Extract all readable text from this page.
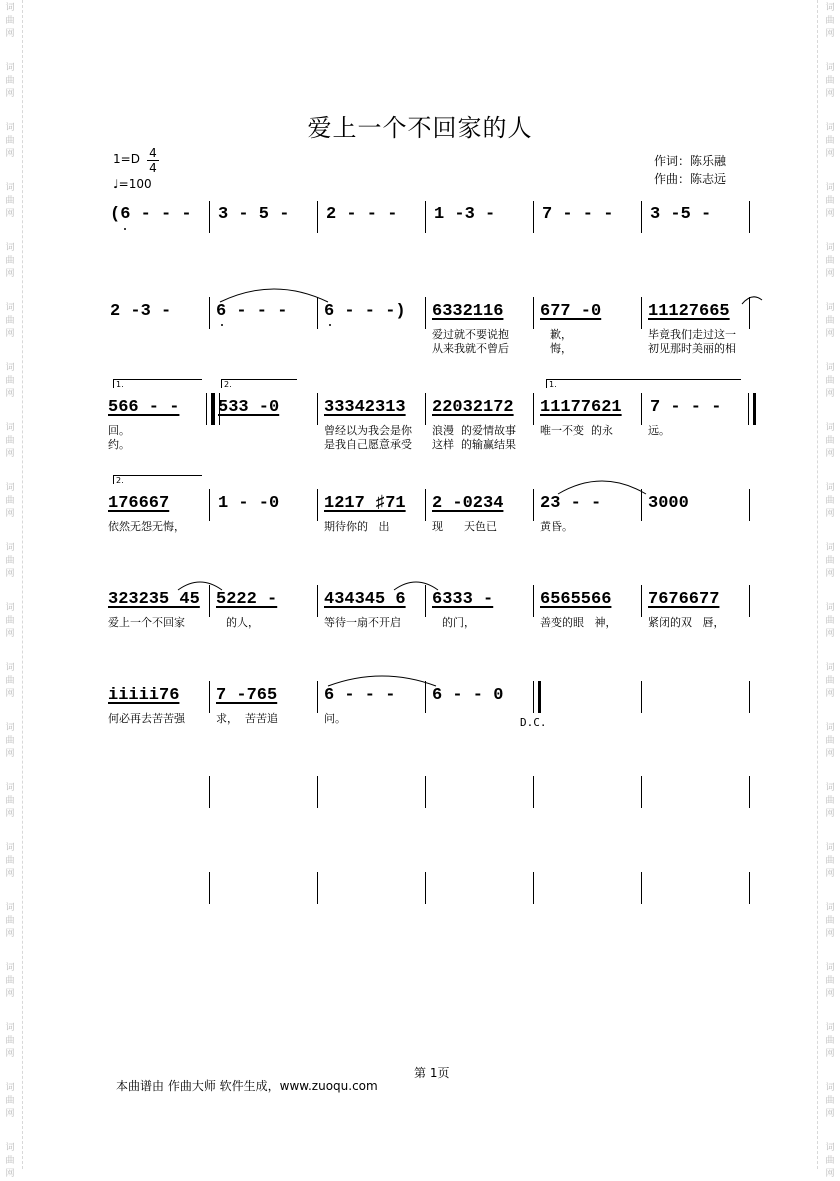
词
曲
网
词
曲
网
词
曲
网
词
曲
网
词
曲
网
词
曲
网
词
曲
网
词
曲
网
词
曲
网
词
曲
网
词
曲
网
词
曲
网
词
曲
网
词
曲
网
词
曲
网
词
曲
网
词
曲
网
词
曲
网
词
曲
网
词
曲
网
词
曲
网
词
曲
网
词
曲
网
词
曲
网
词
曲
网
词
曲
网
词
曲
网
词
曲
网
词
曲
网
词
曲
网
词
曲
网
词
曲
网
词
曲
网
词
曲
网
词
曲
网
词
曲
网
词
曲
网
词
曲
网
词
曲
网
词
曲
网
爱上一个不回家的人
$1=D \frac{4}{4}$
♩=100
作词：陈乐融
作曲：陈志远
(6 - - - 3 - 5 - 2 - - - 1 -3 -	7 - - - 3 -5 -
2 -3 -	6 - - - 6 - - -) 6332116 677 -0	11127665
爱过就不要说抱	歉，	毕竟我们走过这一
从来我就不曾后	悔，	初见那时美丽的相
1.	2.	1.
566 - - 533 -0	33342313 22032172 11177621 7 - - -
回。	曾经以为我会是你 浪漫  的爱情故事 唯一不变  的永	远。
约。	是我自己愿意承受 这样  的输赢结果
2.
176667	1 - -0	1217 ♯71 2 -0234 23 - -	3000
依然无怨无悔，	期待你的   出	现      天色已	黄昏。
323235 45 5222 -	434345 6 6333 -	6565566 7676677
爱上一个不回家	的人，	等待一扇不开启	的门，	善变的眼   神，	紧闭的双   唇，
iiiii76 7 -765	6 - - - 6 - - 0
何必再去苦苦强	求，  苦苦追	问。	D.C.
第 1页
本曲谱由 作曲大师 软件生成，www.zuoqu.com
